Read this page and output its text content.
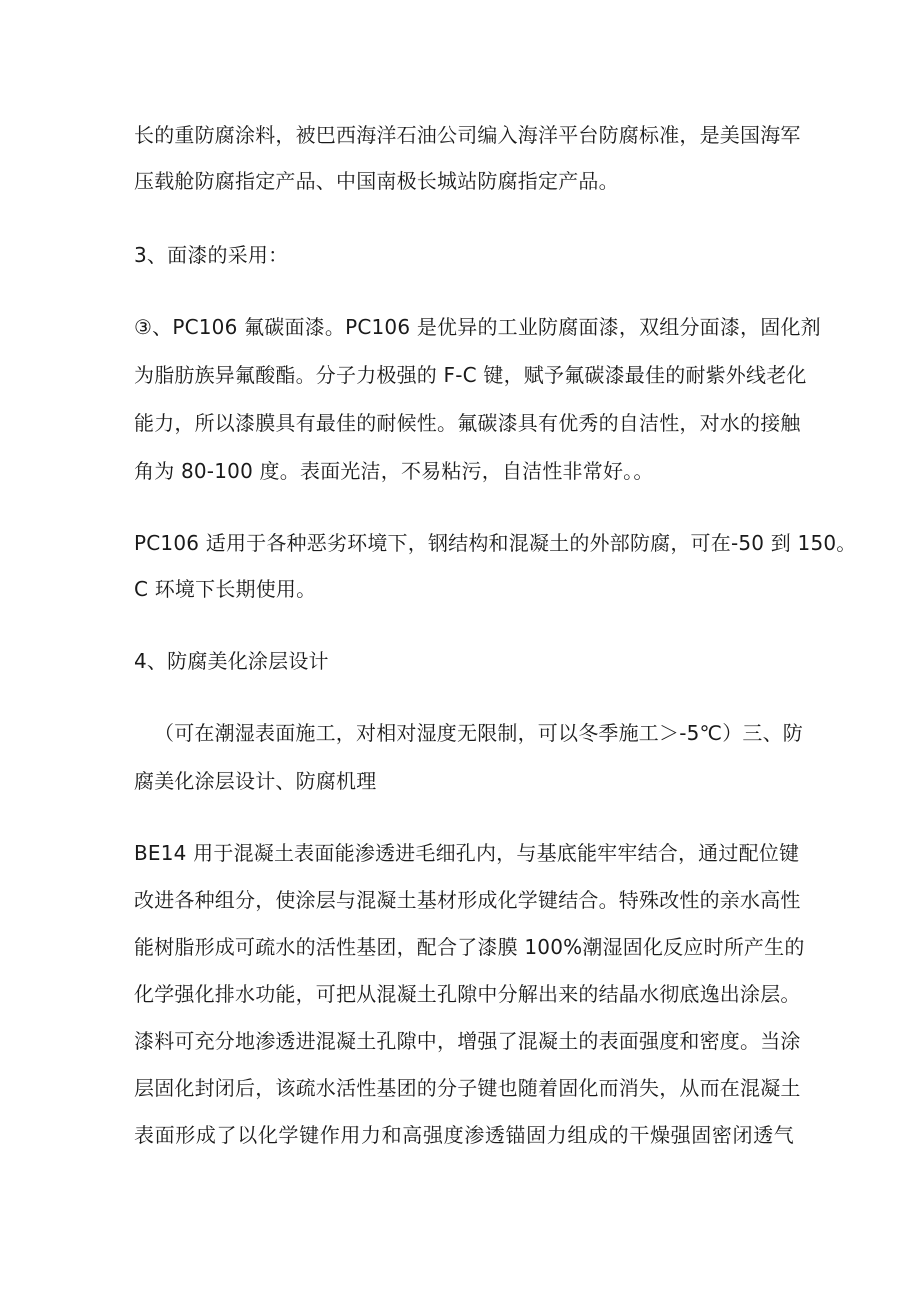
长的重防腐涂料，被巴西海洋石油公司编入海洋平台防腐标准，是美国海军
压载舱防腐指定产品、中国南极长城站防腐指定产品。
3、面漆的采用：
③、PC106 氟碳面漆。PC106 是优异的工业防腐面漆，双组分面漆，固化剂
为脂肪族异氟酸酯。分子力极强的 F-C 键，赋予氟碳漆最佳的耐紫外线老化
能力，所以漆膜具有最佳的耐候性。氟碳漆具有优秀的自洁性，对水的接触
角为 80-100 度。表面光洁，不易粘污，自洁性非常好。。
PC106 适用于各种恶劣环境下，钢结构和混凝土的外部防腐，可在-50 到 150。
C 环境下长期使用。
4、防腐美化涂层设计
（可在潮湿表面施工，对相对湿度无限制，可以冬季施工＞-5℃）三、防
腐美化涂层设计、防腐机理
BE14 用于混凝土表面能渗透进毛细孔内，与基底能牢牢结合，通过配位键
改进各种组分，使涂层与混凝土基材形成化学键结合。特殊改性的亲水高性
能树脂形成可疏水的活性基团，配合了漆膜 100%潮湿固化反应时所产生的
化学强化排水功能，可把从混凝土孔隙中分解出来的结晶水彻底逸出涂层。
漆料可充分地渗透进混凝土孔隙中，增强了混凝土的表面强度和密度。当涂
层固化封闭后，该疏水活性基团的分子键也随着固化而消失，从而在混凝土
表面形成了以化学键作用力和高强度渗透锚固力组成的干燥强固密闭透气
